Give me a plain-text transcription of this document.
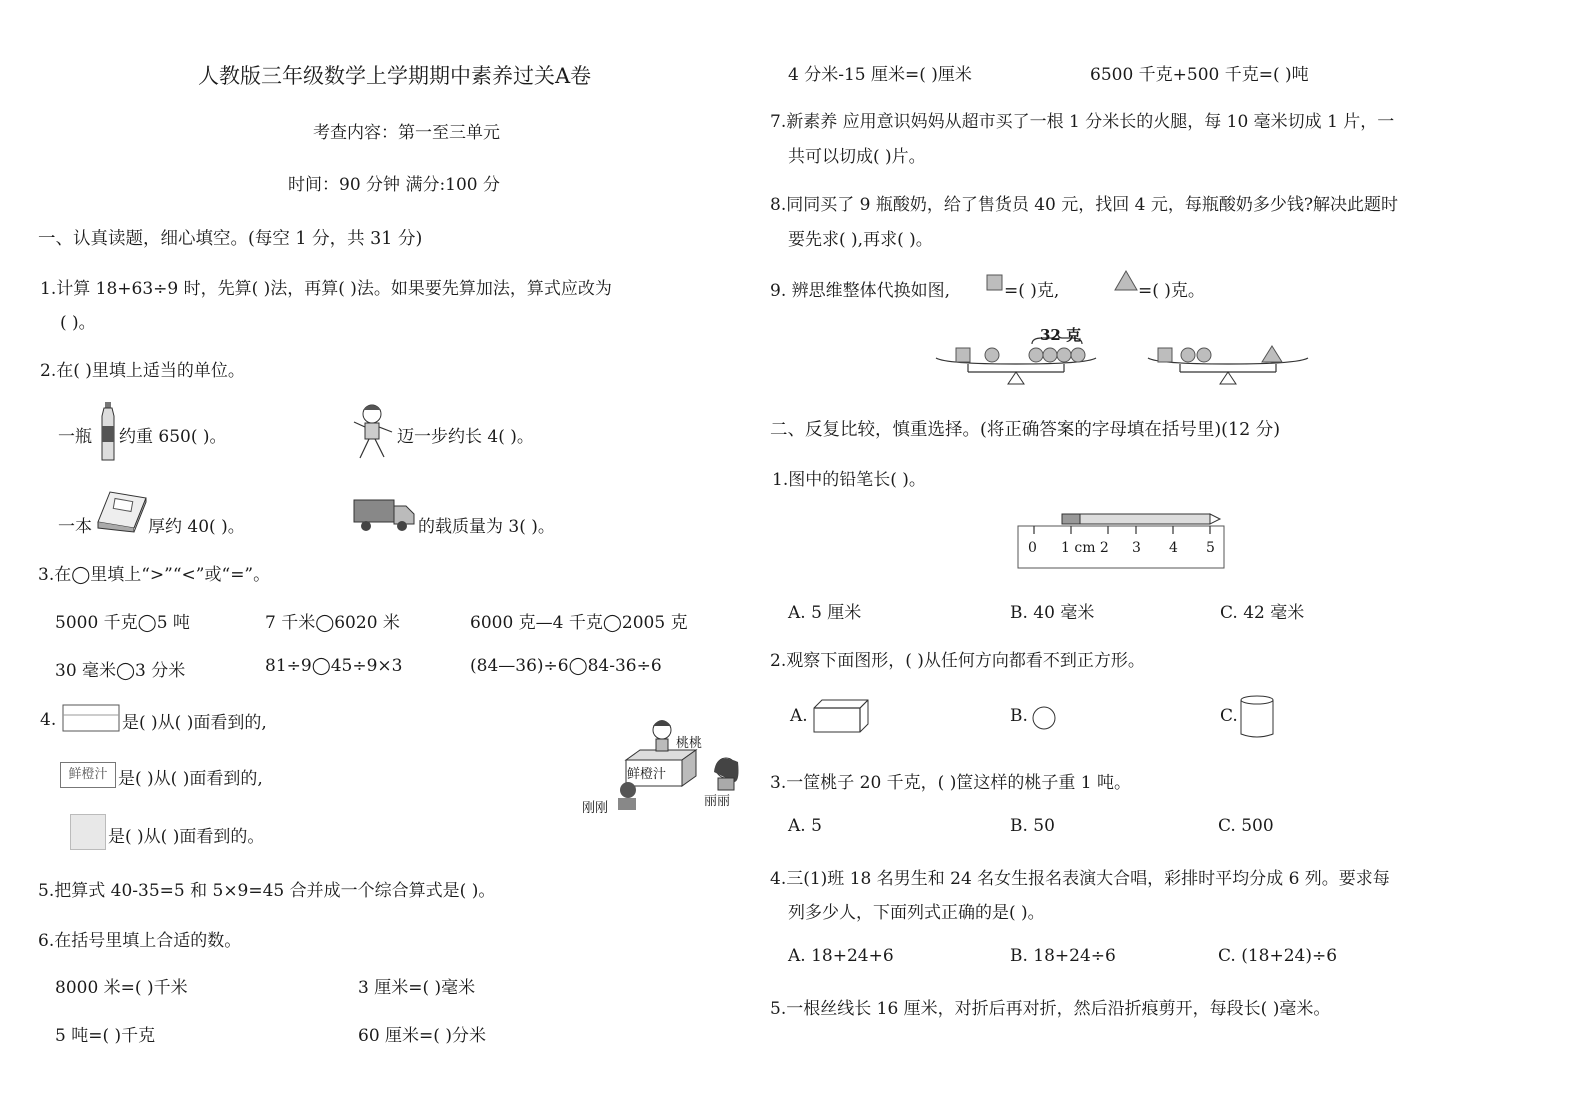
人教版三年级数学上学期期中素养过关A卷
考查内容：第一至三单元
时间：90 分钟 满分:100 分
一、认真读题，细心填空。(每空 1 分，共 31 分)
1.计算 18+63÷9 时，先算( )法，再算( )法。如果要先算加法，算式应改为
( )。
2.在( )里填上适当的单位。
一瓶 约重 650( )。	迈一步约长 4( )。
一本	厚约 40( )。	的载质量为 3( )。
3.在◯里填上“>”“<”或“=”。
5000 千克◯5 吨	7 千米◯6020 米	6000 克—4 千克◯2005 克
30 毫米◯3 分米	81÷9◯45÷9×3	(84—36)÷6◯84-36÷6
4.	是( )从( )面看到的,
鲜橙汁 是( )从( )面看到的,
是( )从( )面看到的。
桃桃
鲜橙汁
刚刚	丽丽
5.把算式 40-35=5 和 5×9=45 合并成一个综合算式是( )。
6.在括号里填上合适的数。
8000 米=( )千米	3 厘米=( )毫米
5 吨=( )千克	60 厘米=( )分米
4 分米-15 厘米=( )厘米	6500 千克+500 千克=( )吨
7.新素养 应用意识妈妈从超市买了一根 1 分米长的火腿，每 10 毫米切成 1 片，一
共可以切成( )片。
8.同同买了 9 瓶酸奶，给了售货员 40 元，找回 4 元，每瓶酸奶多少钱?解决此题时
要先求( ),再求( )。
9. 辨思维整体代换如图,	=( )克,	=( )克。
32 克
二、反复比较，慎重选择。(将正确答案的字母填在括号里)(12 分)
1.图中的铅笔长( )。
0 1 cm 2 3 4 5
A. 5 厘米	B. 40 毫米	C. 42 毫米
2.观察下面图形，( )从任何方向都看不到正方形。
A.	B.	C.
3.一筐桃子 20 千克，( )筐这样的桃子重 1 吨。
A. 5	B. 50	C. 500
4.三(1)班 18 名男生和 24 名女生报名表演大合唱，彩排时平均分成 6 列。要求每
列多少人，下面列式正确的是( )。
A. 18+24+6	B. 18+24÷6	C. (18+24)÷6
5.一根丝线长 16 厘米，对折后再对折，然后沿折痕剪开，每段长( )毫米。
